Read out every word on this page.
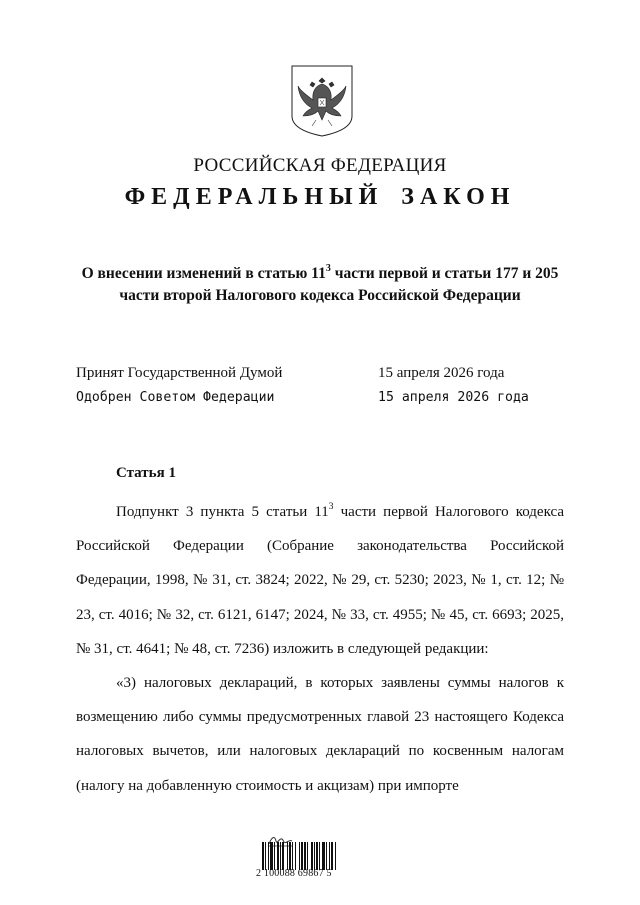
РОССИЙСКАЯ ФЕДЕРАЦИЯ
ФЕДЕРАЛЬНЫЙ ЗАКОН
О внесении изменений в статью $11^3$ части первой и статьи 177 и 205
части второй Налогового кодекса Российской Федерации
Принят Государственной Думой	15 апреля 2026 года
Одобрен Советом Федерации	15 апреля 2026 года
Статья 1

Подпункт 3 пункта 5 статьи $11^3$ части первой Налогового кодекса Российской Федерации (Собрание законодательства Российской Федерации, 1998, № 31, ст. 3824; 2022, № 29, ст. 5230; 2023, № 1, ст. 12; № 23, ст. 4016; № 32, ст. 6121, 6147; 2024, № 33, ст. 4955; № 45, ст. 6693; 2025, № 31, ст. 4641; № 48, ст. 7236) изложить в следующей редакции:

«3) налоговых деклараций, в которых заявлены суммы налогов к возмещению либо суммы предусмотренных главой 23 настоящего Кодекса налоговых вычетов, или налоговых деклараций по косвенным налогам (налогу на добавленную стоимость и акцизам) при импорте

2 100088 69867 5
